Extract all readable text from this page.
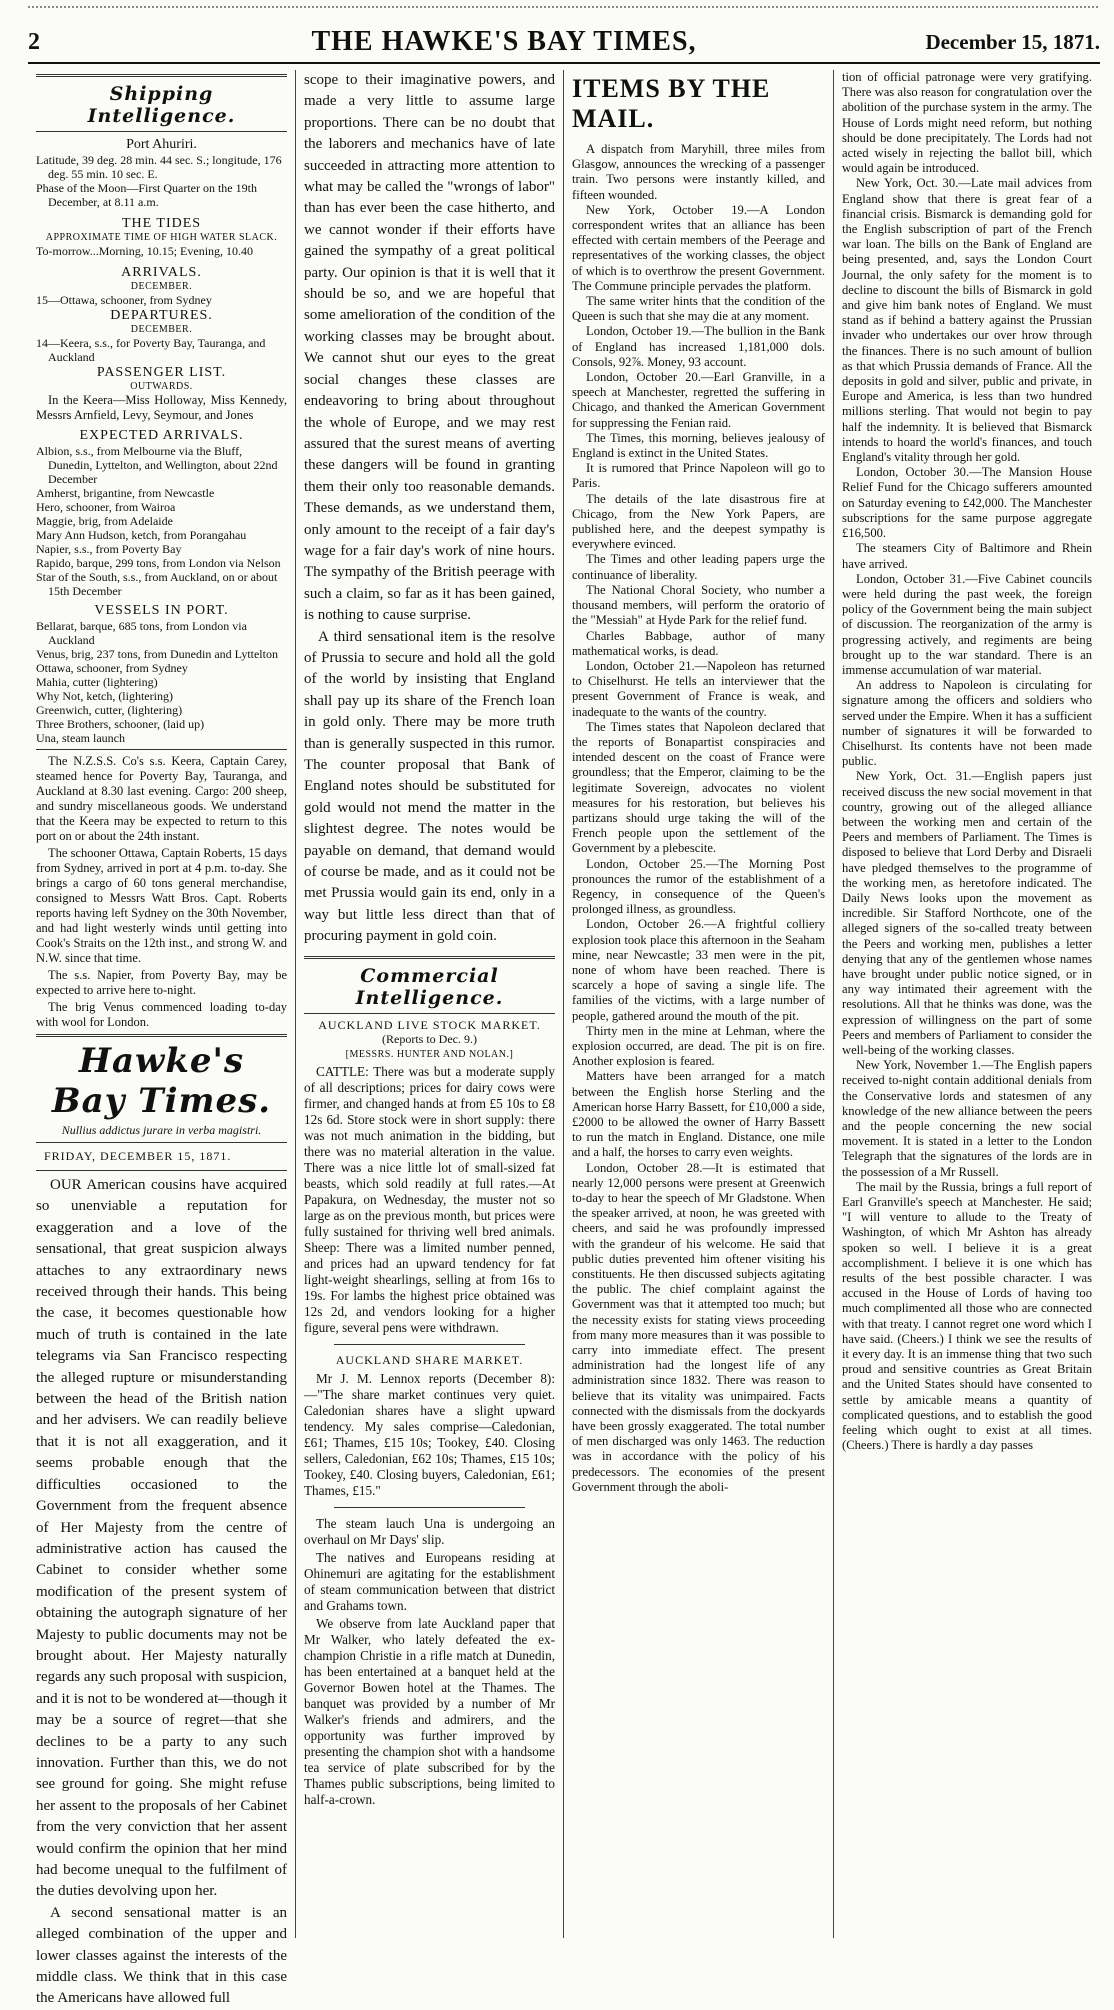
2	THE HAWKE'S BAY TIMES,	December 15, 1871.
Shipping Intelligence.
Port Ahuriri.

Latitude, 39 deg. 28 min. 44 sec. S.; longitude, 176 deg. 55 min. 10 sec. E.

Phase of the Moon—First Quarter on the 19th December, at 8.11 a.m.

THE TIDES
APPROXIMATE TIME OF HIGH WATER SLACK.

To-morrow...Morning, 10.15; Evening, 10.40

ARRIVALS.
DECEMBER.

15—Ottawa, schooner, from Sydney

DEPARTURES.
DECEMBER.

14—Keera, s.s., for Poverty Bay, Tauranga, and Auckland

PASSENGER LIST.
OUTWARDS.

In the Keera—Miss Holloway, Miss Kennedy, Messrs Arnfield, Levy, Seymour, and Jones

EXPECTED ARRIVALS.

Albion, s.s., from Melbourne via the Bluff, Dunedin, Lyttelton, and Wellington, about 22nd December

Amherst, brigantine, from Newcastle

Hero, schooner, from Wairoa

Maggie, brig, from Adelaide

Mary Ann Hudson, ketch, from Porangahau

Napier, s.s., from Poverty Bay

Rapido, barque, 299 tons, from London via Nelson

Star of the South, s.s., from Auckland, on or about 15th December

VESSELS IN PORT.

Bellarat, barque, 685 tons, from London via Auckland

Venus, brig, 237 tons, from Dunedin and Lyttelton

Ottawa, schooner, from Sydney

Mahia, cutter (lightering)

Why Not, ketch, (lightering)

Greenwich, cutter, (lightering)

Three Brothers, schooner, (laid up)

Una, steam launch

The N.Z.S.S. Co's s.s. Keera, Captain Carey, steamed hence for Poverty Bay, Tauranga, and Auckland at 8.30 last evening. Cargo: 200 sheep, and sundry miscellaneous goods. We understand that the Keera may be expected to return to this port on or about the 24th instant.

The schooner Ottawa, Captain Roberts, 15 days from Sydney, arrived in port at 4 p.m. to-day. She brings a cargo of 60 tons general merchandise, consigned to Messrs Watt Bros. Capt. Roberts reports having left Sydney on the 30th November, and had light westerly winds until getting into Cook's Straits on the 12th inst., and strong W. and N.W. since that time.

The s.s. Napier, from Poverty Bay, may be expected to arrive here to-night.

The brig Venus commenced loading to-day with wool for London.

Hawke's Bay Times.
Nullius addictus jurare in verba magistri.
FRIDAY, DECEMBER 15, 1871.

OUR American cousins have acquired so unenviable a reputation for exaggeration and a love of the sensational, that great suspicion always attaches to any extraordinary news received through their hands. This being the case, it becomes questionable how much of truth is contained in the late telegrams via San Francisco respecting the alleged rupture or misunderstanding between the head of the British nation and her advisers. We can readily believe that it is not all exaggeration, and it seems probable enough that the difficulties occasioned to the Government from the frequent absence of Her Majesty from the centre of administrative action has caused the Cabinet to consider whether some modification of the present system of obtaining the autograph signature of her Majesty to public documents may not be brought about. Her Majesty naturally regards any such proposal with suspicion, and it is not to be wondered at—though it may be a source of regret—that she declines to be a party to any such innovation. Further than this, we do not see ground for going. She might refuse her assent to the proposals of her Cabinet from the very conviction that her assent would confirm the opinion that her mind had become unequal to the fulfilment of the duties devolving upon her.

A second sensational matter is an alleged combination of the upper and lower classes against the interests of the middle class. We think that in this case the Americans have allowed full

scope to their imaginative powers, and made a very little to assume large proportions. There can be no doubt that the laborers and mechanics have of late succeeded in attracting more attention to what may be called the "wrongs of labor" than has ever been the case hitherto, and we cannot wonder if their efforts have gained the sympathy of a great political party. Our opinion is that it is well that it should be so, and we are hopeful that some amelioration of the condition of the working classes may be brought about. We cannot shut our eyes to the great social changes these classes are endeavoring to bring about throughout the whole of Europe, and we may rest assured that the surest means of averting these dangers will be found in granting them their only too reasonable demands. These demands, as we understand them, only amount to the receipt of a fair day's wage for a fair day's work of nine hours. The sympathy of the British peerage with such a claim, so far as it has been gained, is nothing to cause surprise.

A third sensational item is the resolve of Prussia to secure and hold all the gold of the world by insisting that England shall pay up its share of the French loan in gold only. There may be more truth than is generally suspected in this rumor. The counter proposal that Bank of England notes should be substituted for gold would not mend the matter in the slightest degree. The notes would be payable on demand, that demand would of course be made, and as it could not be met Prussia would gain its end, only in a way but little less direct than that of procuring payment in gold coin.

Commercial Intelligence.
AUCKLAND LIVE STOCK MARKET.
(Reports to Dec. 9.)
[MESSRS. HUNTER AND NOLAN.]

CATTLE: There was but a moderate supply of all descriptions; prices for dairy cows were firmer, and changed hands at from £5 10s to £8 12s 6d. Store stock were in short supply: there was not much animation in the bidding, but there was no material alteration in the value. There was a nice little lot of small-sized fat beasts, which sold readily at full rates.—At Papakura, on Wednesday, the muster not so large as on the previous month, but prices were fully sustained for thriving well bred animals. Sheep: There was a limited number penned, and prices had an upward tendency for fat light-weight shearlings, selling at from 16s to 19s. For lambs the highest price obtained was 12s 2d, and vendors looking for a higher figure, several pens were withdrawn.

AUCKLAND SHARE MARKET.

Mr J. M. Lennox reports (December 8):—"The share market continues very quiet. Caledonian shares have a slight upward tendency. My sales comprise—Caledonian, £61; Thames, £15 10s; Tookey, £40. Closing sellers, Caledonian, £62 10s; Thames, £15 10s; Tookey, £40. Closing buyers, Caledonian, £61; Thames, £15."

The steam lauch Una is undergoing an overhaul on Mr Days' slip.

The natives and Europeans residing at Ohinemuri are agitating for the establishment of steam communication between that district and Grahams town.

We observe from late Auckland paper that Mr Walker, who lately defeated the ex-champion Christie in a rifle match at Dunedin, has been entertained at a banquet held at the Governor Bowen hotel at the Thames. The banquet was provided by a number of Mr Walker's friends and admirers, and the opportunity was further improved by presenting the champion shot with a handsome tea service of plate subscribed for by the Thames public subscriptions, being limited to half-a-crown.

ITEMS BY THE MAIL.

A dispatch from Maryhill, three miles from Glasgow, announces the wrecking of a passenger train. Two persons were instantly killed, and fifteen wounded.

New York, October 19.—A London correspondent writes that an alliance has been effected with certain members of the Peerage and representatives of the working classes, the object of which is to overthrow the present Government. The Commune principle pervades the platform.

The same writer hints that the condition of the Queen is such that she may die at any moment.

London, October 19.—The bullion in the Bank of England has increased 1,181,000 dols. Consols, 92⅞. Money, 93 account.

London, October 20.—Earl Granville, in a speech at Manchester, regretted the suffering in Chicago, and thanked the American Government for suppressing the Fenian raid.

The Times, this morning, believes jealousy of England is extinct in the United States.

It is rumored that Prince Napoleon will go to Paris.

The details of the late disastrous fire at Chicago, from the New York Papers, are published here, and the deepest sympathy is everywhere evinced.

The Times and other leading papers urge the continuance of liberality.

The National Choral Society, who number a thousand members, will perform the oratorio of the "Messiah" at Hyde Park for the relief fund.

Charles Babbage, author of many mathematical works, is dead.

London, October 21.—Napoleon has returned to Chiselhurst. He tells an interviewer that the present Government of France is weak, and inadequate to the wants of the country.

The Times states that Napoleon declared that the reports of Bonapartist conspiracies and intended descent on the coast of France were groundless; that the Emperor, claiming to be the legitimate Sovereign, advocates no violent measures for his restoration, but believes his partizans should urge taking the will of the French people upon the settlement of the Government by a plebescite.

London, October 25.—The Morning Post pronounces the rumor of the establishment of a Regency, in consequence of the Queen's prolonged illness, as groundless.

London, October 26.—A frightful colliery explosion took place this afternoon in the Seaham mine, near Newcastle; 33 men were in the pit, none of whom have been reached. There is scarcely a hope of saving a single life. The families of the victims, with a large number of people, gathered around the mouth of the pit.

Thirty men in the mine at Lehman, where the explosion occurred, are dead. The pit is on fire. Another explosion is feared.

Matters have been arranged for a match between the English horse Sterling and the American horse Harry Bassett, for £10,000 a side, £2000 to be allowed the owner of Harry Bassett to run the match in England. Distance, one mile and a half, the horses to carry even weights.

London, October 28.—It is estimated that nearly 12,000 persons were present at Greenwich to-day to hear the speech of Mr Gladstone. When the speaker arrived, at noon, he was greeted with cheers, and said he was profoundly impressed with the grandeur of his welcome. He said that public duties prevented him oftener visiting his constituents. He then discussed subjects agitating the public. The chief complaint against the Government was that it attempted too much; but the necessity exists for stating views proceeding from many more measures than it was possible to carry into immediate effect. The present administration had the longest life of any administration since 1832. There was reason to believe that its vitality was unimpaired. Facts connected with the dismissals from the dockyards have been grossly exaggerated. The total number of men discharged was only 1463. The reduction was in accordance with the policy of his predecessors. The economies of the present Government through the aboli-

tion of official patronage were very gratifying. There was also reason for congratulation over the abolition of the purchase system in the army. The House of Lords might need reform, but nothing should be done precipitately. The Lords had not acted wisely in rejecting the ballot bill, which would again be introduced.

New York, Oct. 30.—Late mail advices from England show that there is great fear of a financial crisis. Bismarck is demanding gold for the English subscription of part of the French war loan. The bills on the Bank of England are being presented, and, says the London Court Journal, the only safety for the moment is to decline to discount the bills of Bismarck in gold and give him bank notes of England. We must stand as if behind a battery against the Prussian invader who undertakes our over hrow through the finances. There is no such amount of bullion as that which Prussia demands of France. All the deposits in gold and silver, public and private, in Europe and America, is less than two hundred millions sterling. That would not begin to pay half the indemnity. It is believed that Bismarck intends to hoard the world's finances, and touch England's vitality through her gold.

London, October 30.—The Mansion House Relief Fund for the Chicago sufferers amounted on Saturday evening to £42,000. The Manchester subscriptions for the same purpose aggregate £16,500.

The steamers City of Baltimore and Rhein have arrived.

London, October 31.—Five Cabinet councils were held during the past week, the foreign policy of the Government being the main subject of discussion. The reorganization of the army is progressing actively, and regiments are being brought up to the war standard. There is an immense accumulation of war material.

An address to Napoleon is circulating for signature among the officers and soldiers who served under the Empire. When it has a sufficient number of signatures it will be forwarded to Chiselhurst. Its contents have not been made public.

New York, Oct. 31.—English papers just received discuss the new social movement in that country, growing out of the alleged alliance between the working men and certain of the Peers and members of Parliament. The Times is disposed to believe that Lord Derby and Disraeli have pledged themselves to the programme of the working men, as heretofore indicated. The Daily News looks upon the movement as incredible. Sir Stafford Northcote, one of the alleged signers of the so-called treaty between the Peers and working men, publishes a letter denying that any of the gentlemen whose names have brought under public notice signed, or in any way intimated their agreement with the resolutions. All that he thinks was done, was the expression of willingness on the part of some Peers and members of Parliament to consider the well-being of the working classes.

New York, November 1.—The English papers received to-night contain additional denials from the Conservative lords and statesmen of any knowledge of the new alliance between the peers and the people concerning the new social movement. It is stated in a letter to the London Telegraph that the signatures of the lords are in the possession of a Mr Russell.

The mail by the Russia, brings a full report of Earl Granville's speech at Manchester. He said; "I will venture to allude to the Treaty of Washington, of which Mr Ashton has already spoken so well. I believe it is a great accomplishment. I believe it is one which has results of the best possible character. I was accused in the House of Lords of having too much complimented all those who are connected with that treaty. I cannot regret one word which I have said. (Cheers.) I think we see the results of it every day. It is an immense thing that two such proud and sensitive countries as Great Britain and the United States should have consented to settle by amicable means a quantity of complicated questions, and to establish the good feeling which ought to exist at all times. (Cheers.) There is hardly a day passes
